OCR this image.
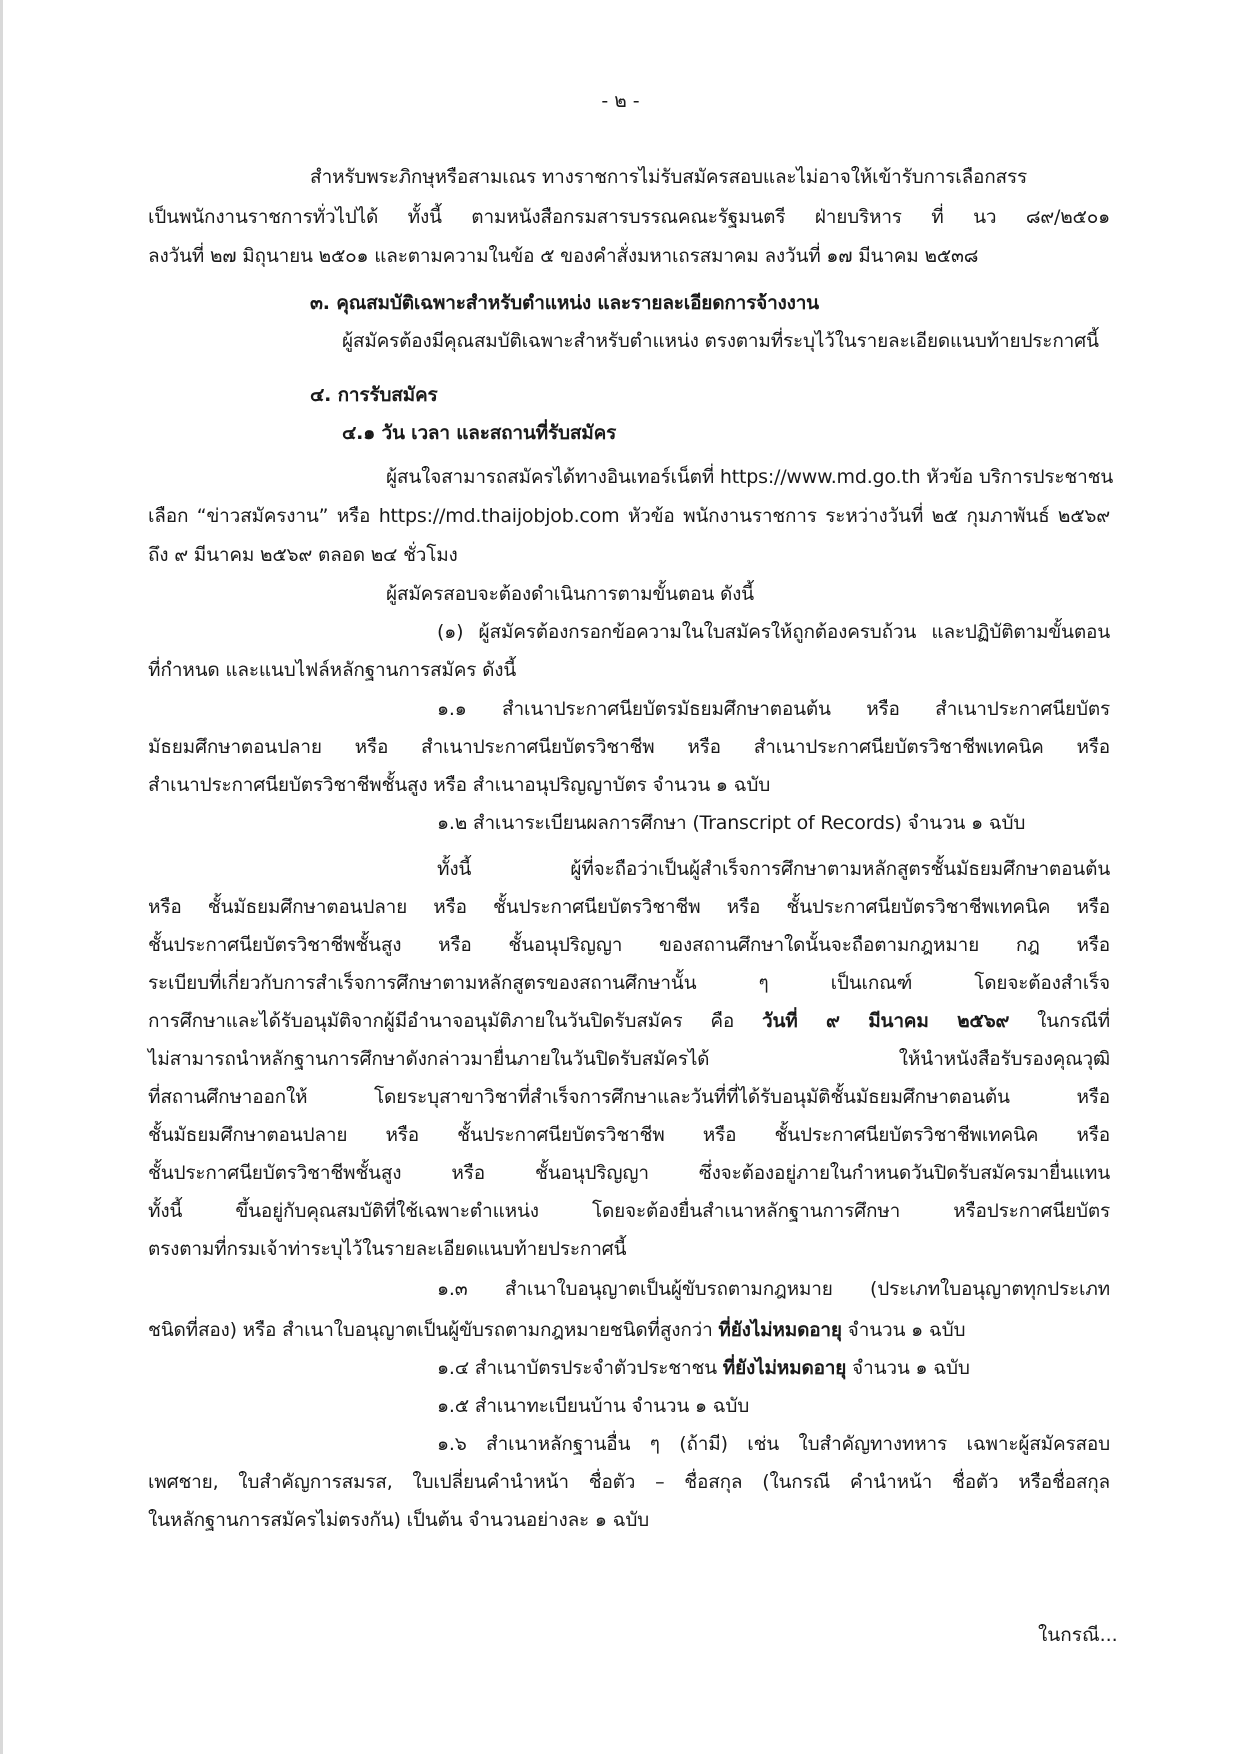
- ๒ -
สำหรับพระภิกษุหรือสามเณร ทางราชการไม่รับสมัครสอบและไม่อาจให้เข้ารับการเลือกสรร
เป็นพนักงานราชการทั่วไปได้ ทั้งนี้ ตามหนังสือกรมสารบรรณคณะรัฐมนตรี ฝ่ายบริหาร ที่ นว ๘๙/๒๕๐๑
ลงวันที่ ๒๗ มิถุนายน ๒๕๐๑ และตามความในข้อ ๕ ของคำสั่งมหาเถรสมาคม ลงวันที่ ๑๗ มีนาคม ๒๕๓๘
๓. คุณสมบัติเฉพาะสำหรับตำแหน่ง และรายละเอียดการจ้างงาน
ผู้สมัครต้องมีคุณสมบัติเฉพาะสำหรับตำแหน่ง ตรงตามที่ระบุไว้ในรายละเอียดแนบท้ายประกาศนี้
๔. การรับสมัคร
๔.๑ วัน เวลา และสถานที่รับสมัคร
ผู้สนใจสามารถสมัครได้ทางอินเทอร์เน็ตที่ https://www.md.go.th หัวข้อ บริการประชาชน
เลือก “ข่าวสมัครงาน” หรือ https://md.thaijobjob.com หัวข้อ พนักงานราชการ ระหว่างวันที่ ๒๕ กุมภาพันธ์ ๒๕๖๙
ถึง ๙ มีนาคม ๒๕๖๙ ตลอด ๒๔ ชั่วโมง
ผู้สมัครสอบจะต้องดำเนินการตามขั้นตอน ดังนี้
(๑) ผู้สมัครต้องกรอกข้อความในใบสมัครให้ถูกต้องครบถ้วน และปฏิบัติตามขั้นตอน
ที่กำหนด และแนบไฟล์หลักฐานการสมัคร ดังนี้
๑.๑ สำเนาประกาศนียบัตรมัธยมศึกษาตอนต้น หรือ สำเนาประกาศนียบัตร
มัธยมศึกษาตอนปลาย หรือ สำเนาประกาศนียบัตรวิชาชีพ หรือ สำเนาประกาศนียบัตรวิชาชีพเทคนิค หรือ
สำเนาประกาศนียบัตรวิชาชีพชั้นสูง หรือ สำเนาอนุปริญญาบัตร จำนวน ๑ ฉบับ
๑.๒ สำเนาระเบียนผลการศึกษา (Transcript of Records) จำนวน ๑ ฉบับ
ทั้งนี้ ผู้ที่จะถือว่าเป็นผู้สำเร็จการศึกษาตามหลักสูตรชั้นมัธยมศึกษาตอนต้น
หรือ ชั้นมัธยมศึกษาตอนปลาย หรือ ชั้นประกาศนียบัตรวิชาชีพ หรือ ชั้นประกาศนียบัตรวิชาชีพเทคนิค หรือ
ชั้นประกาศนียบัตรวิชาชีพชั้นสูง หรือ ชั้นอนุปริญญา ของสถานศึกษาใดนั้นจะถือตามกฎหมาย กฎ หรือ
ระเบียบที่เกี่ยวกับการสำเร็จการศึกษาตามหลักสูตรของสถานศึกษานั้น ๆ เป็นเกณฑ์ โดยจะต้องสำเร็จ
การศึกษาและได้รับอนุมัติจากผู้มีอำนาจอนุมัติภายในวันปิดรับสมัคร คือ วันที่ ๙ มีนาคม ๒๕๖๙ ในกรณีที่
ไม่สามารถนำหลักฐานการศึกษาดังกล่าวมายื่นภายในวันปิดรับสมัครได้ ให้นำหนังสือรับรองคุณวุฒิ
ที่สถานศึกษาออกให้ โดยระบุสาขาวิชาที่สำเร็จการศึกษาและวันที่ที่ได้รับอนุมัติชั้นมัธยมศึกษาตอนต้น หรือ
ชั้นมัธยมศึกษาตอนปลาย หรือ ชั้นประกาศนียบัตรวิชาชีพ หรือ ชั้นประกาศนียบัตรวิชาชีพเทคนิค หรือ
ชั้นประกาศนียบัตรวิชาชีพชั้นสูง หรือ ชั้นอนุปริญญา ซึ่งจะต้องอยู่ภายในกำหนดวันปิดรับสมัครมายื่นแทน
ทั้งนี้ ขึ้นอยู่กับคุณสมบัติที่ใช้เฉพาะตำแหน่ง โดยจะต้องยื่นสำเนาหลักฐานการศึกษา หรือประกาศนียบัตร
ตรงตามที่กรมเจ้าท่าระบุไว้ในรายละเอียดแนบท้ายประกาศนี้
๑.๓ สำเนาใบอนุญาตเป็นผู้ขับรถตามกฎหมาย (ประเภทใบอนุญาตทุกประเภท
ชนิดที่สอง) หรือ สำเนาใบอนุญาตเป็นผู้ขับรถตามกฎหมายชนิดที่สูงกว่า ที่ยังไม่หมดอายุ จำนวน ๑ ฉบับ
๑.๔ สำเนาบัตรประจำตัวประชาชน ที่ยังไม่หมดอายุ จำนวน ๑ ฉบับ
๑.๕ สำเนาทะเบียนบ้าน จำนวน ๑ ฉบับ
๑.๖ สำเนาหลักฐานอื่น ๆ (ถ้ามี) เช่น ใบสำคัญทางทหาร เฉพาะผู้สมัครสอบ
เพศชาย, ใบสำคัญการสมรส, ใบเปลี่ยนคำนำหน้า ชื่อตัว – ชื่อสกุล (ในกรณี คำนำหน้า ชื่อตัว หรือชื่อสกุล
ในหลักฐานการสมัครไม่ตรงกัน) เป็นต้น จำนวนอย่างละ ๑ ฉบับ
ในกรณี...
